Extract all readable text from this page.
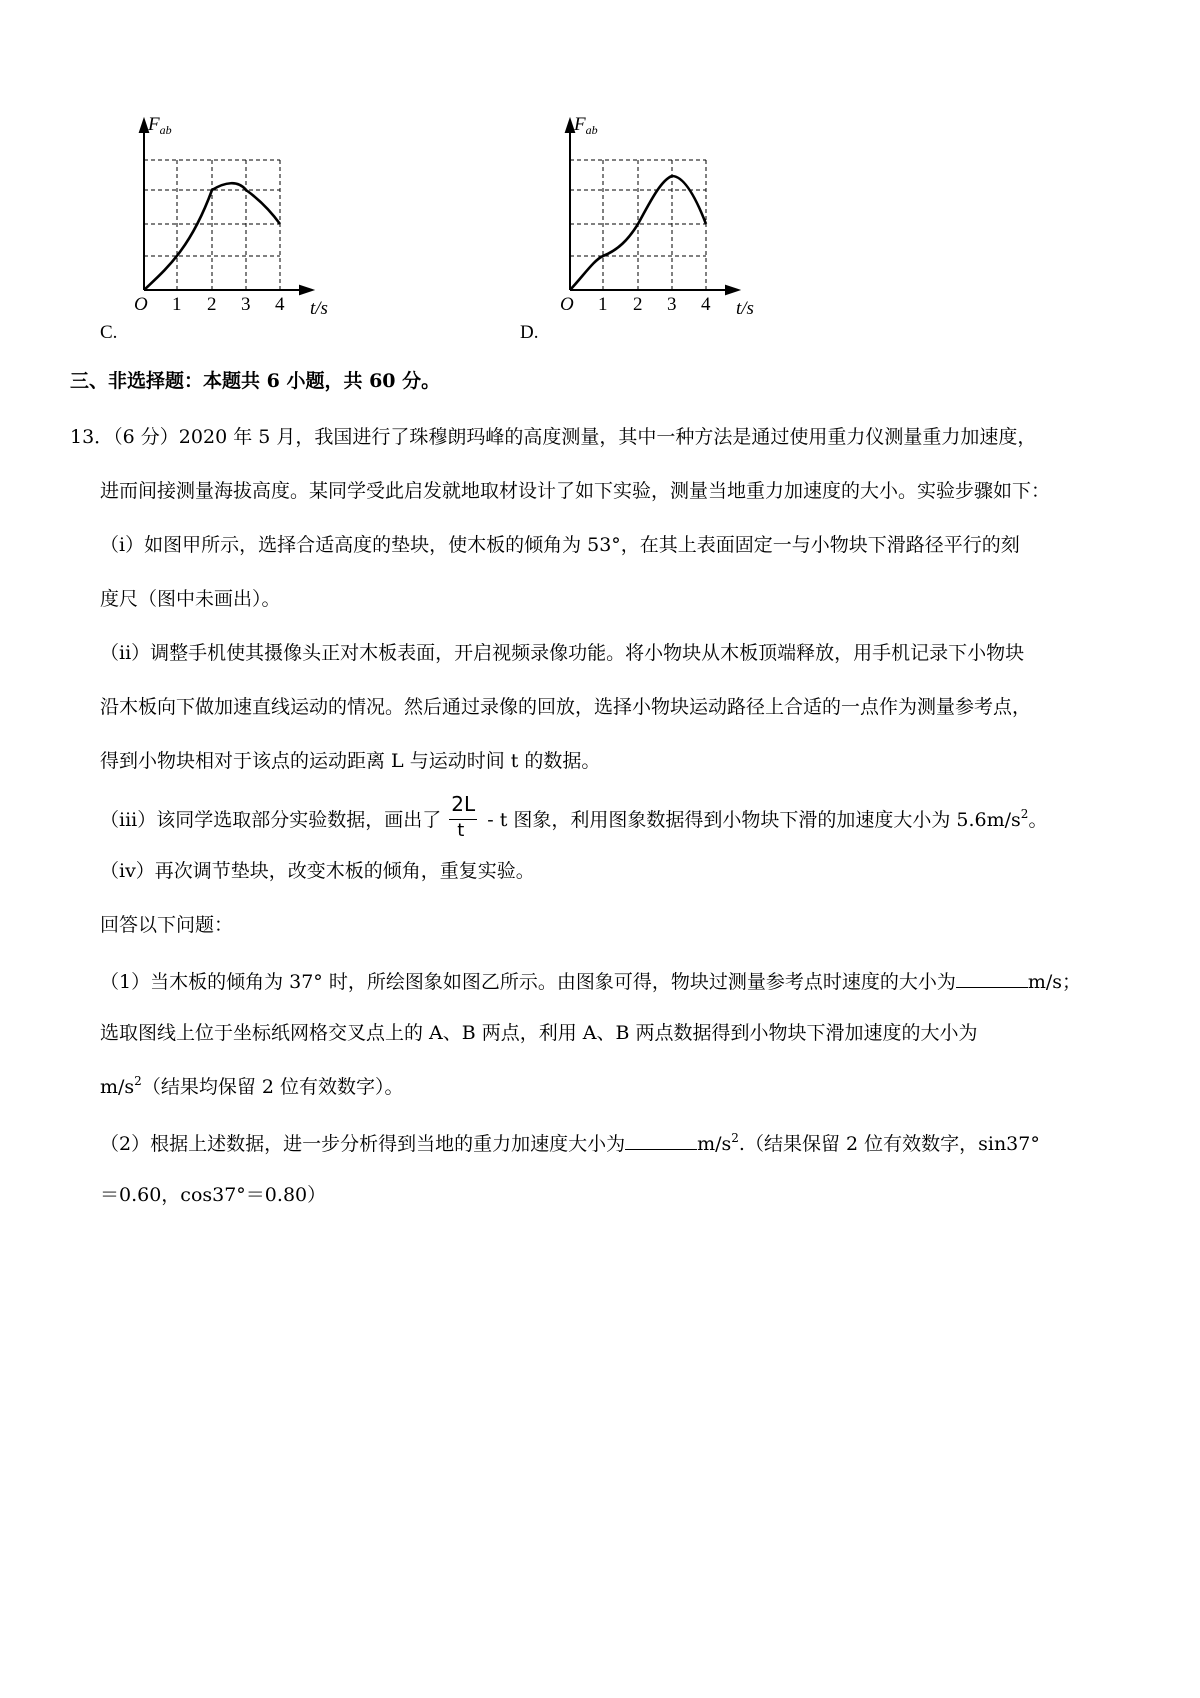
$F_{ab}$
O 1 2 3 4 t/s
C.
$F_{ab}$
O 1 2 3 4 t/s
D.
三、非选择题：本题共 6 小题，共 60 分。
13．（6 分）2020 年 5 月，我国进行了珠穆朗玛峰的高度测量，其中一种方法是通过使用重力仪测量重力加速度，
进而间接测量海拔高度。某同学受此启发就地取材设计了如下实验，测量当地重力加速度的大小。实验步骤如下：
（i）如图甲所示，选择合适高度的垫块，使木板的倾角为 53°，在其上表面固定一与小物块下滑路径平行的刻
度尺（图中未画出）。
（ii）调整手机使其摄像头正对木板表面，开启视频录像功能。将小物块从木板顶端释放，用手机记录下小物块
沿木板向下做加速直线运动的情况。然后通过录像的回放，选择小物块运动路径上合适的一点作为测量参考点，
得到小物块相对于该点的运动距离 L 与运动时间 t 的数据。
（iii）该同学选取部分实验数据，画出了 $\frac{2L}{t}$ - t 图象，利用图象数据得到小物块下滑的加速度大小为 $5.6m/s^2$。
（iv）再次调节垫块，改变木板的倾角，重复实验。
回答以下问题：
（1）当木板的倾角为 37° 时，所绘图象如图乙所示。由图象可得，物块过测量参考点时速度的大小为	m/s；
选取图线上位于坐标纸网格交叉点上的 A、B 两点，利用 A、B 两点数据得到小物块下滑加速度的大小为
$m/s^2$（结果均保留 2 位有效数字）。
（2）根据上述数据，进一步分析得到当地的重力加速度大小为	$m/s^2$.（结果保留 2 位有效数字，sin37°
＝0.60，cos37°＝0.80）
